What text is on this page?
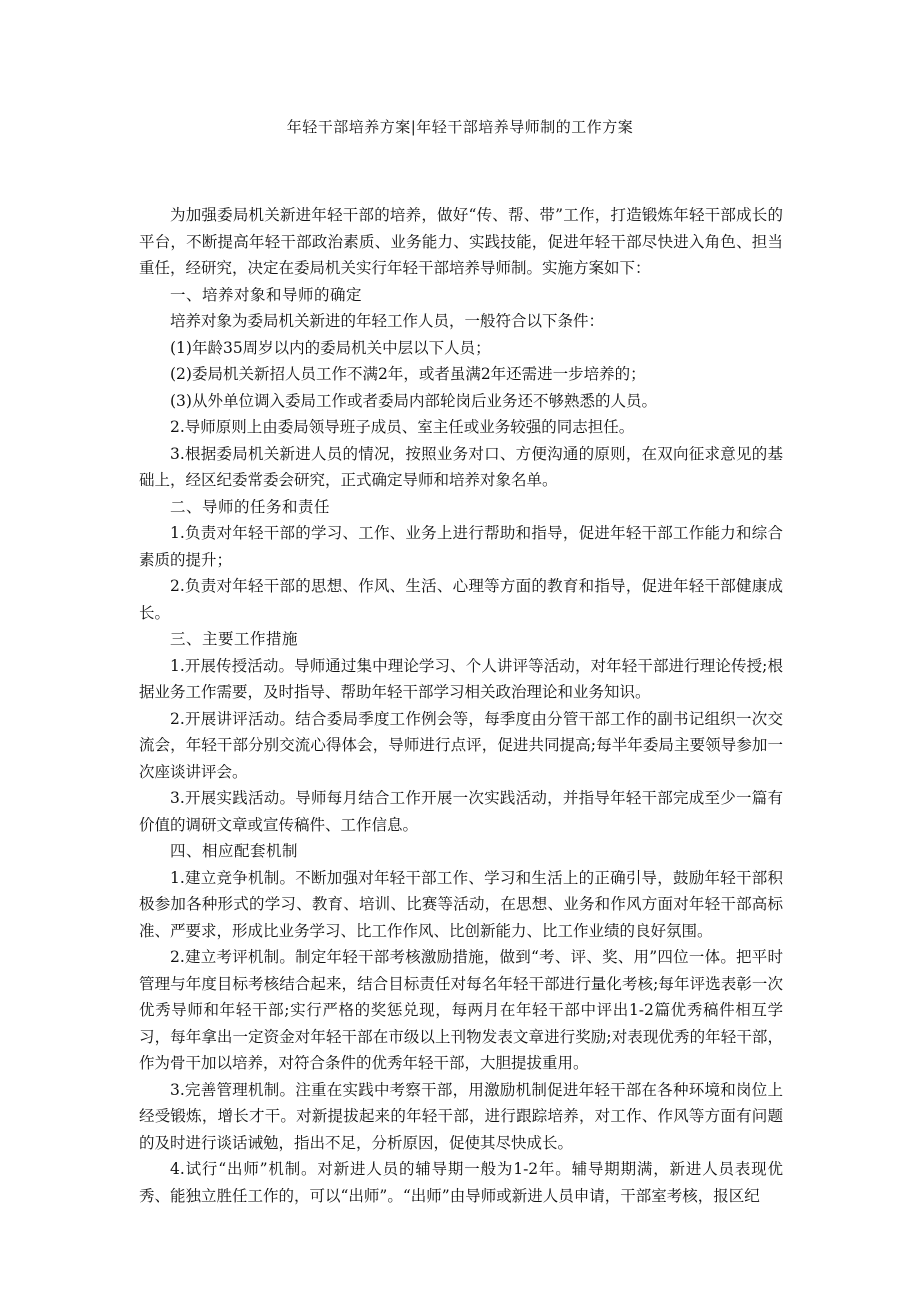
年轻干部培养方案|年轻干部培养导师制的工作方案

为加强委局机关新进年轻干部的培养，做好“传、帮、带”工作，打造锻炼年轻干部成长的平台，不断提高年轻干部政治素质、业务能力、实践技能，促进年轻干部尽快进入角色、担当重任，经研究，决定在委局机关实行年轻干部培养导师制。实施方案如下：

一、培养对象和导师的确定

培养对象为委局机关新进的年轻工作人员，一般符合以下条件：

(1)年龄35周岁以内的委局机关中层以下人员；

(2)委局机关新招人员工作不满2年，或者虽满2年还需进一步培养的；

(3)从外单位调入委局工作或者委局内部轮岗后业务还不够熟悉的人员。

2.导师原则上由委局领导班子成员、室主任或业务较强的同志担任。

3.根据委局机关新进人员的情况，按照业务对口、方便沟通的原则，在双向征求意见的基础上，经区纪委常委会研究，正式确定导师和培养对象名单。

二、导师的任务和责任

1.负责对年轻干部的学习、工作、业务上进行帮助和指导，促进年轻干部工作能力和综合素质的提升；

2.负责对年轻干部的思想、作风、生活、心理等方面的教育和指导，促进年轻干部健康成长。

三、主要工作措施

1.开展传授活动。导师通过集中理论学习、个人讲评等活动，对年轻干部进行理论传授;根据业务工作需要，及时指导、帮助年轻干部学习相关政治理论和业务知识。

2.开展讲评活动。结合委局季度工作例会等，每季度由分管干部工作的副书记组织一次交流会，年轻干部分别交流心得体会，导师进行点评，促进共同提高;每半年委局主要领导参加一次座谈讲评会。

3.开展实践活动。导师每月结合工作开展一次实践活动，并指导年轻干部完成至少一篇有价值的调研文章或宣传稿件、工作信息。

四、相应配套机制

1.建立竞争机制。不断加强对年轻干部工作、学习和生活上的正确引导，鼓励年轻干部积极参加各种形式的学习、教育、培训、比赛等活动，在思想、业务和作风方面对年轻干部高标准、严要求，形成比业务学习、比工作作风、比创新能力、比工作业绩的良好氛围。

2.建立考评机制。制定年轻干部考核激励措施，做到“考、评、奖、用”四位一体。把平时管理与年度目标考核结合起来，结合目标责任对每名年轻干部进行量化考核;每年评选表彰一次优秀导师和年轻干部;实行严格的奖惩兑现，每两月在年轻干部中评出1-2篇优秀稿件相互学习，每年拿出一定资金对年轻干部在市级以上刊物发表文章进行奖励;对表现优秀的年轻干部，作为骨干加以培养，对符合条件的优秀年轻干部，大胆提拔重用。

3.完善管理机制。注重在实践中考察干部，用激励机制促进年轻干部在各种环境和岗位上经受锻炼，增长才干。对新提拔起来的年轻干部，进行跟踪培养，对工作、作风等方面有问题的及时进行谈话诫勉，指出不足，分析原因，促使其尽快成长。

4.试行“出师”机制。对新进人员的辅导期一般为1-2年。辅导期期满，新进人员表现优秀、能独立胜任工作的，可以“出师”。“出师”由导师或新进人员申请，干部室考核，报区纪
